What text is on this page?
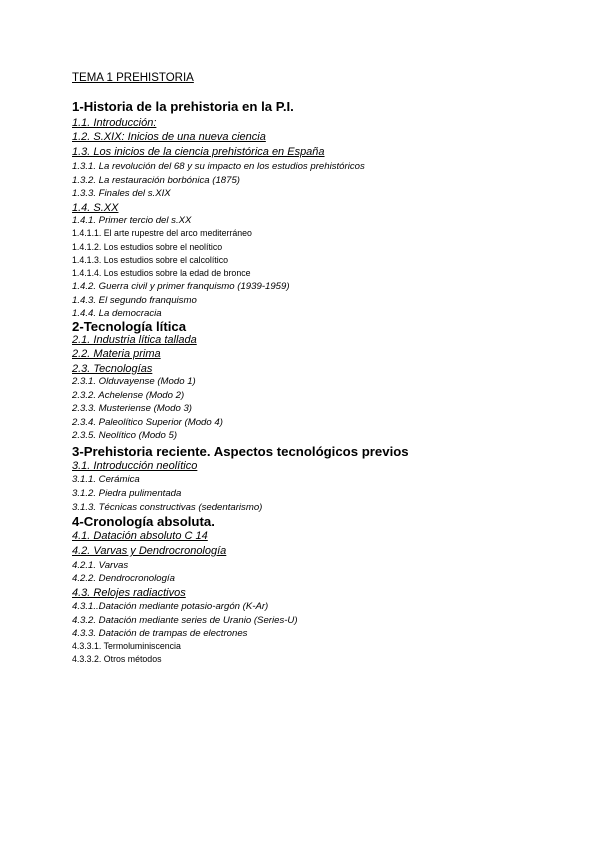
TEMA 1 PREHISTORIA
1-Historia de la prehistoria en la P.I.
1.1. Introducción:
1.2. S.XIX: Inicios de una nueva ciencia
1.3. Los inicios de la ciencia prehistórica en España
1.3.1. La revolución del 68 y su impacto en los estudios prehistóricos
1.3.2. La restauración borbónica (1875)
1.3.3. Finales del s.XIX
1.4. S.XX
1.4.1. Primer tercio del s.XX
1.4.1.1. El arte rupestre del arco mediterráneo
1.4.1.2. Los estudios sobre el neolítico
1.4.1.3. Los estudios sobre el calcolítico
1.4.1.4. Los estudios sobre la edad de bronce
1.4.2. Guerra civil y primer franquismo (1939-1959)
1.4.3. El segundo franquismo
1.4.4. La democracia
2-Tecnología lítica
2.1. Industria lítica tallada
2.2. Materia prima
2.3. Tecnologías
2.3.1. Olduvayense (Modo 1)
2.3.2. Achelense (Modo 2)
2.3.3. Musteriense (Modo 3)
2.3.4. Paleolítico Superior (Modo 4)
2.3.5. Neolítico (Modo 5)
3-Prehistoria reciente. Aspectos tecnológicos previos
3.1. Introducción neolítico
3.1.1. Cerámica
3.1.2. Piedra pulimentada
3.1.3. Técnicas constructivas (sedentarismo)
4-Cronología absoluta.
4.1. Datación absoluto C 14
4.2. Varvas y Dendrocronología
4.2.1. Varvas
4.2.2. Dendrocronología
4.3. Relojes radiactivos
4.3.1..Datación mediante potasio-argón (K-Ar)
4.3.2. Datación mediante series de Uranio (Series-U)
4.3.3. Datación de trampas de electrones
4.3.3.1. Termoluminiscencia
4.3.3.2. Otros métodos
